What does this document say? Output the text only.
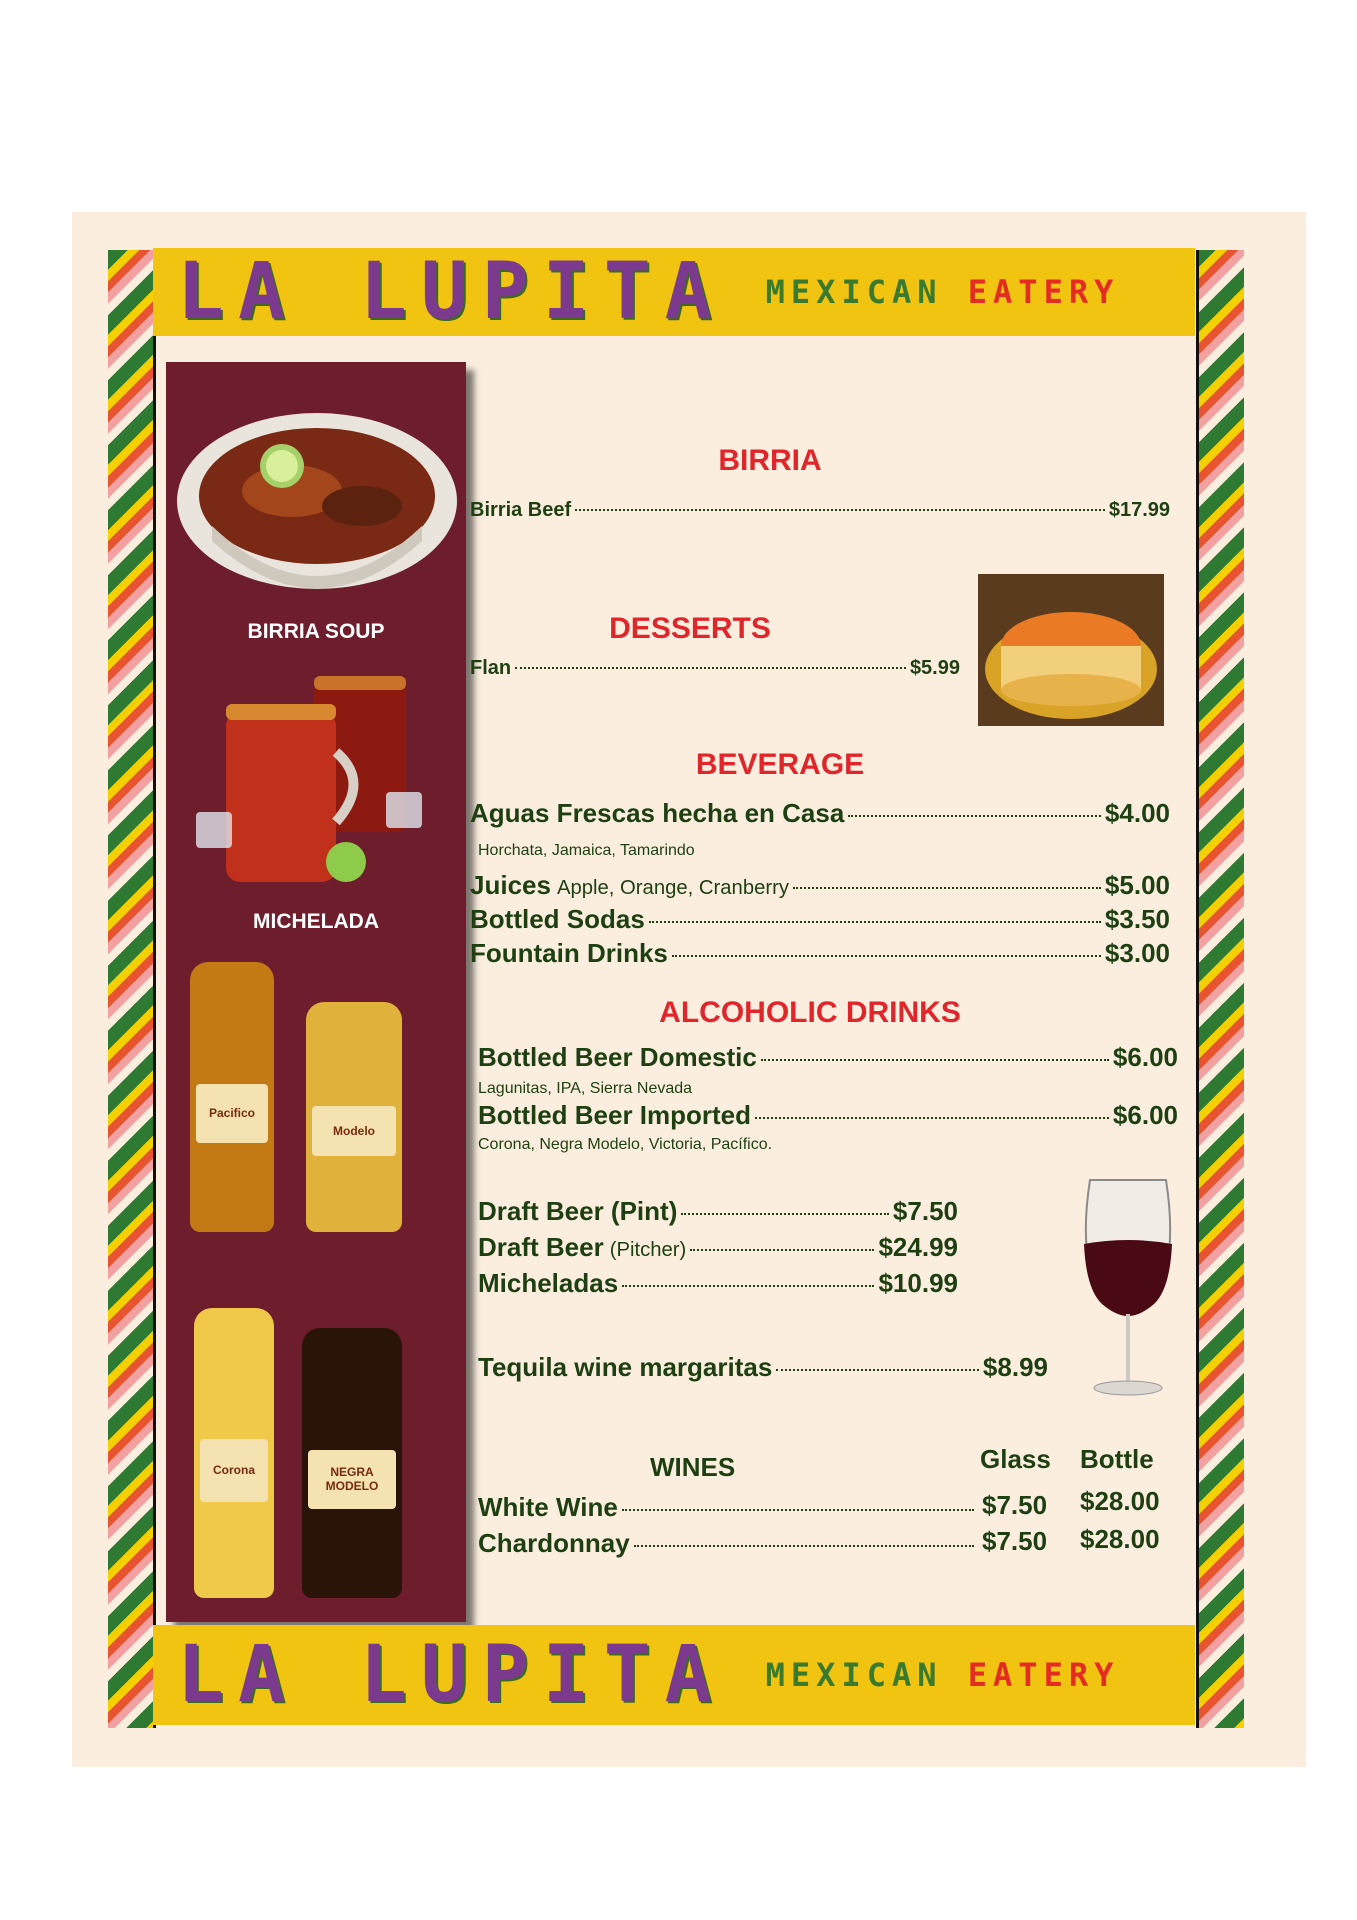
LA LUPITA MEXICAN EATERY
BIRRIA SOUP
MICHELADA
Pacifico
Modelo
Corona	NEGRA MODELO
BIRRIA
Birria Beef	$17.99
DESSERTS
Flan	$5.99
BEVERAGE
Aguas Frescas hecha en Casa	$4.00
Horchata, Jamaica, Tamarindo
Juices Apple, Orange, Cranberry	$5.00
Bottled Sodas	$3.50
Fountain Drinks	$3.00
ALCOHOLIC DRINKS
Bottled Beer Domestic	$6.00
Lagunitas, IPA, Sierra Nevada
Bottled Beer Imported	$6.00
Corona, Negra Modelo, Victoria, Pacífico.
Draft Beer (Pint)	$7.50
Draft Beer (Pitcher)	$24.99
Micheladas	$10.99
Tequila wine margaritas	$8.99
WINES	Glass Bottle
White Wine	$7.50 $28.00
Chardonnay	$7.50 $28.00
LA LUPITA MEXICAN EATERY
